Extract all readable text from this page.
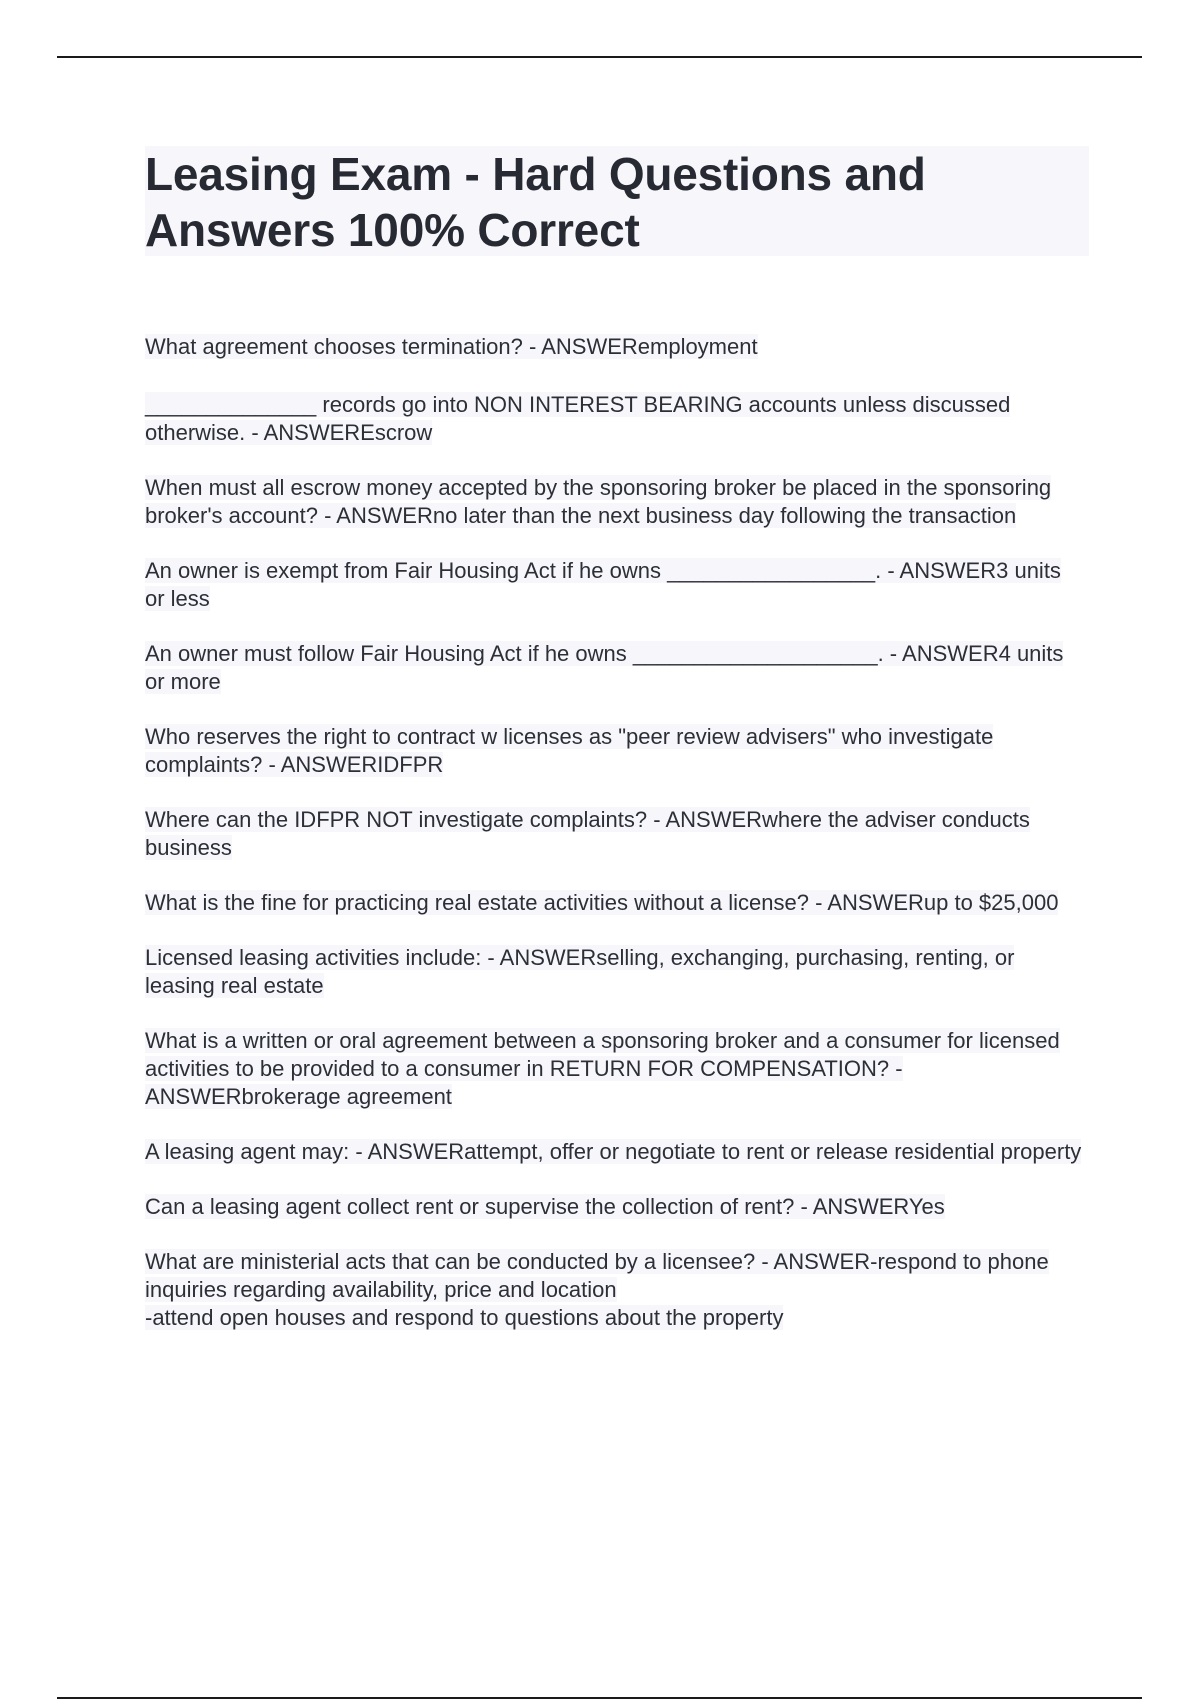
Leasing Exam - Hard Questions and
Answers 100% Correct

What agreement chooses termination? - ANSWERemployment

______________ records go into NON INTEREST BEARING accounts unless discussed otherwise. - ANSWEREscrow

When must all escrow money accepted by the sponsoring broker be placed in the sponsoring broker's account? - ANSWERno later than the next business day following the transaction

An owner is exempt from Fair Housing Act if he owns _________________. - ANSWER3 units or less

An owner must follow Fair Housing Act if he owns ____________________. - ANSWER4 units or more

Who reserves the right to contract w licenses as "peer review advisers" who investigate complaints? - ANSWERIDFPR

Where can the IDFPR NOT investigate complaints? - ANSWERwhere the adviser conducts business

What is the fine for practicing real estate activities without a license? - ANSWERup to $25,000

Licensed leasing activities include: - ANSWERselling, exchanging, purchasing, renting, or leasing real estate

What is a written or oral agreement between a sponsoring broker and a consumer for licensed activities to be provided to a consumer in RETURN FOR COMPENSATION? - ANSWERbrokerage agreement

A leasing agent may: - ANSWERattempt, offer or negotiate to rent or release residential property

Can a leasing agent collect rent or supervise the collection of rent? - ANSWERYes

What are ministerial acts that can be conducted by a licensee? - ANSWER-respond to phone inquiries regarding availability, price and location
-attend open houses and respond to questions about the property
